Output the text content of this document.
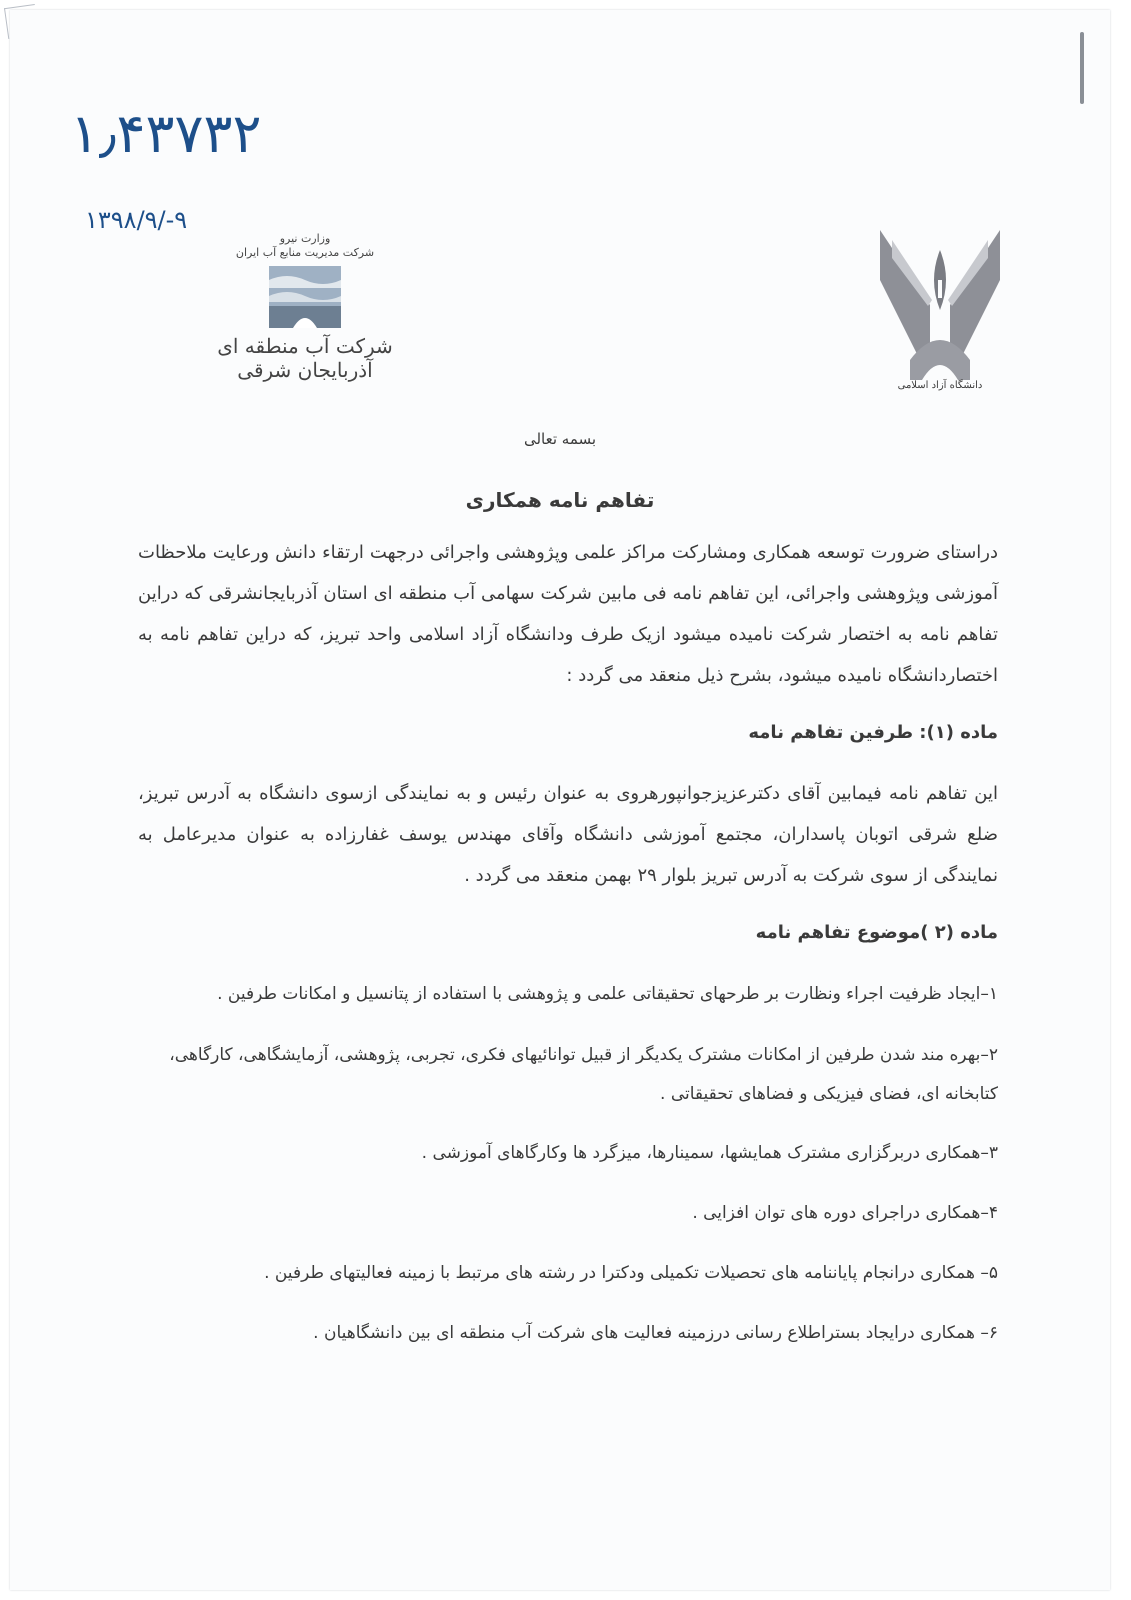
۱٫۴۳۷۳۲
۱۳۹۸/۹/-۹
وزارت نیرو
شرکت مدیریت منابع آب ایران
شرکت آب منطقه ای آذربایجان شرقی
دانشگاه آزاد اسلامی
بسمه تعالی
تفاهم نامه همکاری
دراستای ضرورت توسعه همکاری ومشارکت مراکز علمی وپژوهشی واجرائی درجهت ارتقاء دانش ورعایت ملاحظات آموزشی وپژوهشی واجرائی، این تفاهم نامه فی مابین شرکت سهامی آب منطقه ای استان آذربایجانشرقی که دراین تفاهم نامه به اختصار شرکت نامیده میشود ازیک طرف ودانشگاه آزاد اسلامی واحد تبریز، که دراین تفاهم نامه به اختصاردانشگاه نامیده میشود، بشرح ذیل منعقد می گردد :
ماده (۱): طرفین تفاهم نامه
این تفاهم نامه فیمابین آقای دکترعزیزجوانپورهروی به عنوان رئیس و به نمایندگی ازسوی دانشگاه به آدرس تبریز، ضلع شرقی اتوبان پاسداران، مجتمع آموزشی دانشگاه وآقای مهندس یوسف غفارزاده به عنوان مدیرعامل به نمایندگی از سوی شرکت به آدرس تبریز بلوار ۲۹ بهمن منعقد می گردد .
ماده (۲ )موضوع تفاهم نامه
۱–ایجاد ظرفیت اجراء ونظارت بر طرحهای تحقیقاتی علمی و پژوهشی با استفاده از پتانسیل و امکانات طرفین .
۲–بهره مند شدن طرفین از امکانات مشترک یکدیگر از قبیل توانائیهای فکری، تجربی، پژوهشی، آزمایشگاهی، کارگاهی، کتابخانه ای، فضای فیزیکی و فضاهای تحقیقاتی .
۳–همکاری دربرگزاری مشترک همایشها، سمینارها، میزگرد ها وکارگاهای آموزشی .
۴–همکاری دراجرای دوره های توان افزایی .
۵– همکاری درانجام پایاننامه های تحصیلات تکمیلی ودکترا در رشته های مرتبط با زمینه فعالیتهای طرفین .
۶– همکاری درایجاد بستراطلاع رسانی درزمینه فعالیت های شرکت آب منطقه ای بین دانشگاهیان .
